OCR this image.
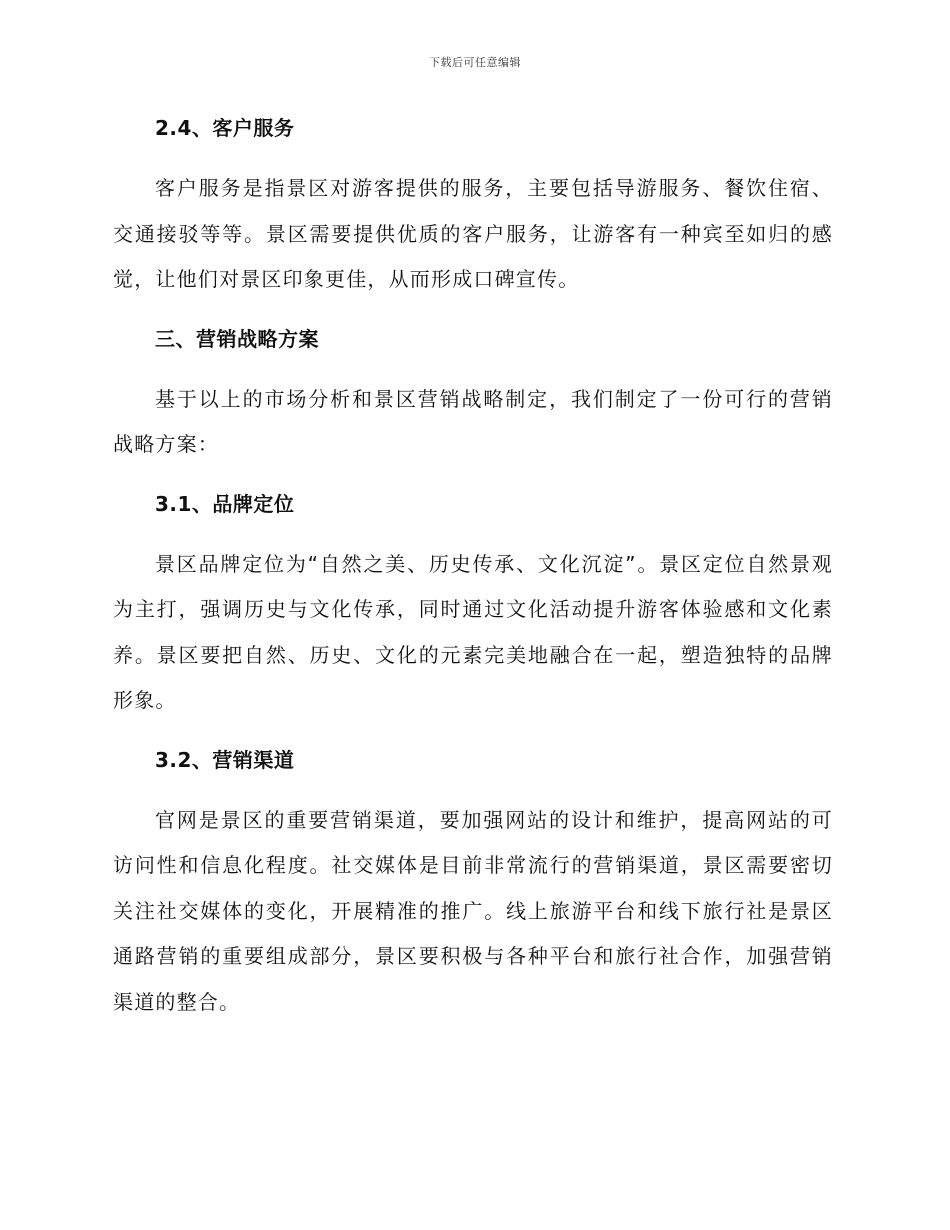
下载后可任意编辑
2.4、客户服务

客户服务是指景区对游客提供的服务，主要包括导游服务、餐饮住宿、交通接驳等等。景区需要提供优质的客户服务，让游客有一种宾至如归的感觉，让他们对景区印象更佳，从而形成口碑宣传。

三、营销战略方案

基于以上的市场分析和景区营销战略制定，我们制定了一份可行的营销战略方案：

3.1、品牌定位

景区品牌定位为“自然之美、历史传承、文化沉淀”。景区定位自然景观为主打，强调历史与文化传承，同时通过文化活动提升游客体验感和文化素养。景区要把自然、历史、文化的元素完美地融合在一起，塑造独特的品牌形象。

3.2、营销渠道

官网是景区的重要营销渠道，要加强网站的设计和维护，提高网站的可访问性和信息化程度。社交媒体是目前非常流行的营销渠道，景区需要密切关注社交媒体的变化，开展精准的推广。线上旅游平台和线下旅行社是景区通路营销的重要组成部分，景区要积极与各种平台和旅行社合作，加强营销渠道的整合。
